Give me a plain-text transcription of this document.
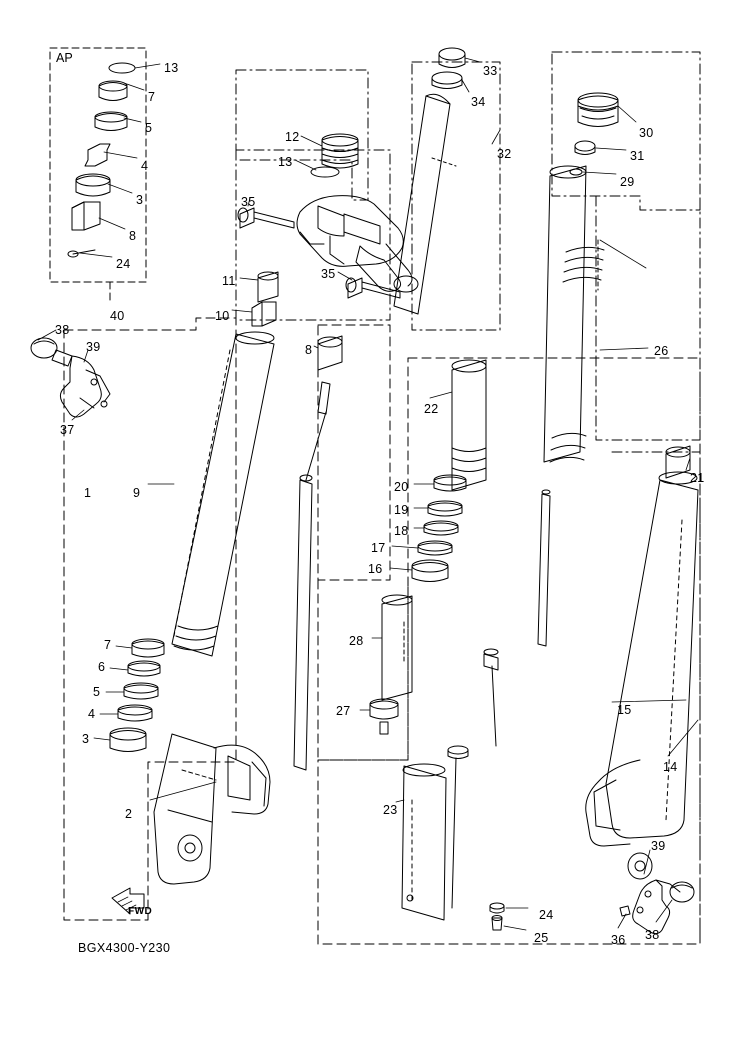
AP
FWD
BGX4300-Y230
13
7
5
4
3
8
24
40
33
34
32
30
31
29
12
13
35
35
11
10
8	26
22
21
38
39
37
1	9	20
19
18
17
16
28
27
7
6
5
4
3
2
15
14
23
24
25
39
36 38
